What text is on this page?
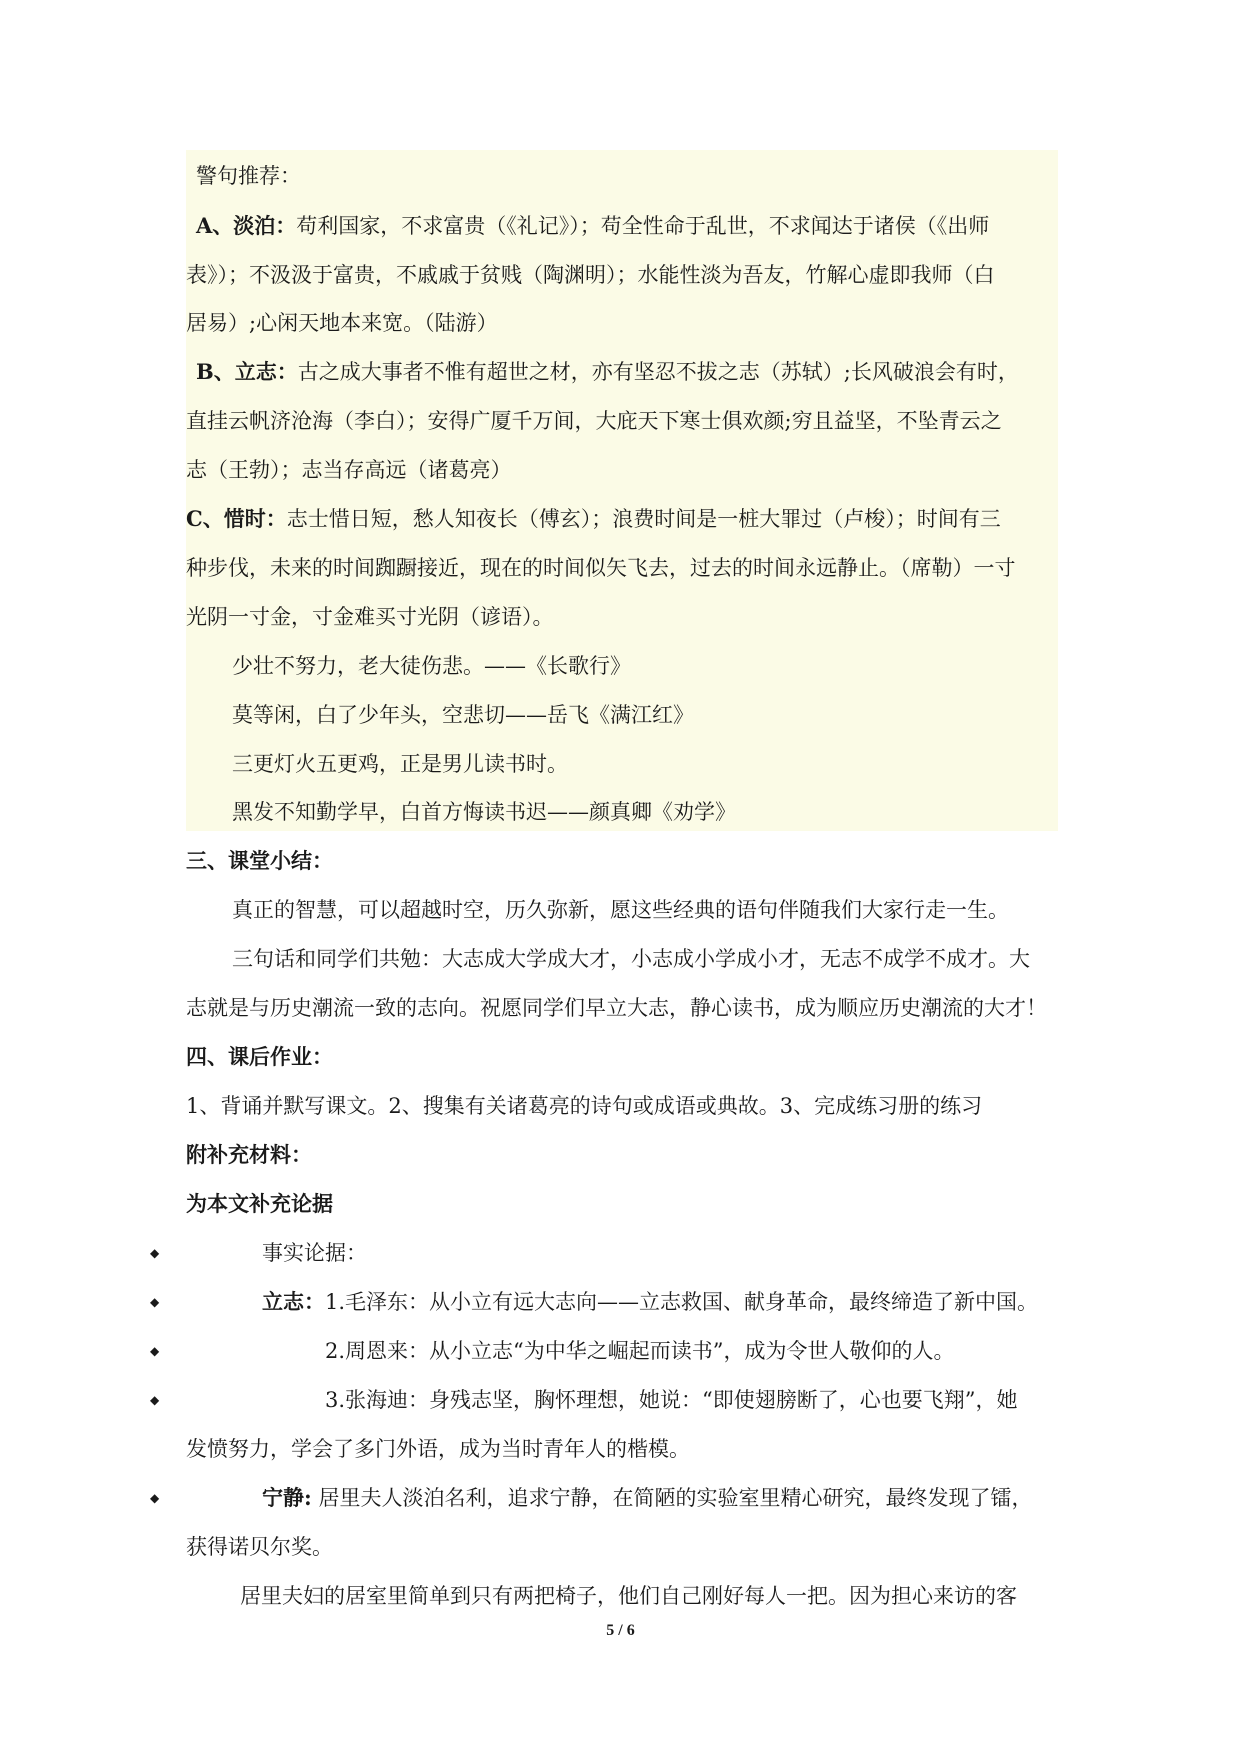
警句推荐：
A、淡泊：苟利国家，不求富贵（《礼记》）；苟全性命于乱世，不求闻达于诸侯（《出师
表》）；不汲汲于富贵，不戚戚于贫贱（陶渊明）；水能性淡为吾友，竹解心虚即我师（白
居易）;心闲天地本来宽。（陆游）
B、立志：古之成大事者不惟有超世之材，亦有坚忍不拔之志（苏轼）;长风破浪会有时，
直挂云帆济沧海（李白）；安得广厦千万间，大庇天下寒士俱欢颜;穷且益坚，不坠青云之
志（王勃）；志当存高远（诸葛亮）
C、惜时：志士惜日短，愁人知夜长（傅玄）；浪费时间是一桩大罪过（卢梭）；时间有三
种步伐，未来的时间踟蹰接近，现在的时间似矢飞去，过去的时间永远静止。（席勒）一寸
光阴一寸金，寸金难买寸光阴（谚语）。
少壮不努力，老大徒伤悲。——《长歌行》
莫等闲，白了少年头，空悲切——岳飞《满江红》
三更灯火五更鸡，正是男儿读书时。
黑发不知勤学早，白首方悔读书迟——颜真卿《劝学》
三、课堂小结：
真正的智慧，可以超越时空，历久弥新，愿这些经典的语句伴随我们大家行走一生。
三句话和同学们共勉：大志成大学成大才，小志成小学成小才，无志不成学不成才。大
志就是与历史潮流一致的志向。祝愿同学们早立大志，静心读书，成为顺应历史潮流的大才！
四、课后作业：
1、背诵并默写课文。2、搜集有关诸葛亮的诗句或成语或典故。3、完成练习册的练习
附补充材料：
为本文补充论据
◆	事实论据：
◆	立志：1.毛泽东：从小立有远大志向——立志救国、献身革命，最终缔造了新中国。
◆	2.周恩来：从小立志“为中华之崛起而读书”，成为令世人敬仰的人。
◆	3.张海迪：身残志坚，胸怀理想，她说：“即使翅膀断了，心也要飞翔”，她
发愤努力，学会了多门外语，成为当时青年人的楷模。
◆	宁静: 居里夫人淡泊名利，追求宁静，在简陋的实验室里精心研究，最终发现了镭，
获得诺贝尔奖。
居里夫妇的居室里简单到只有两把椅子，他们自己刚好每人一把。因为担心来访的客
5 / 6
